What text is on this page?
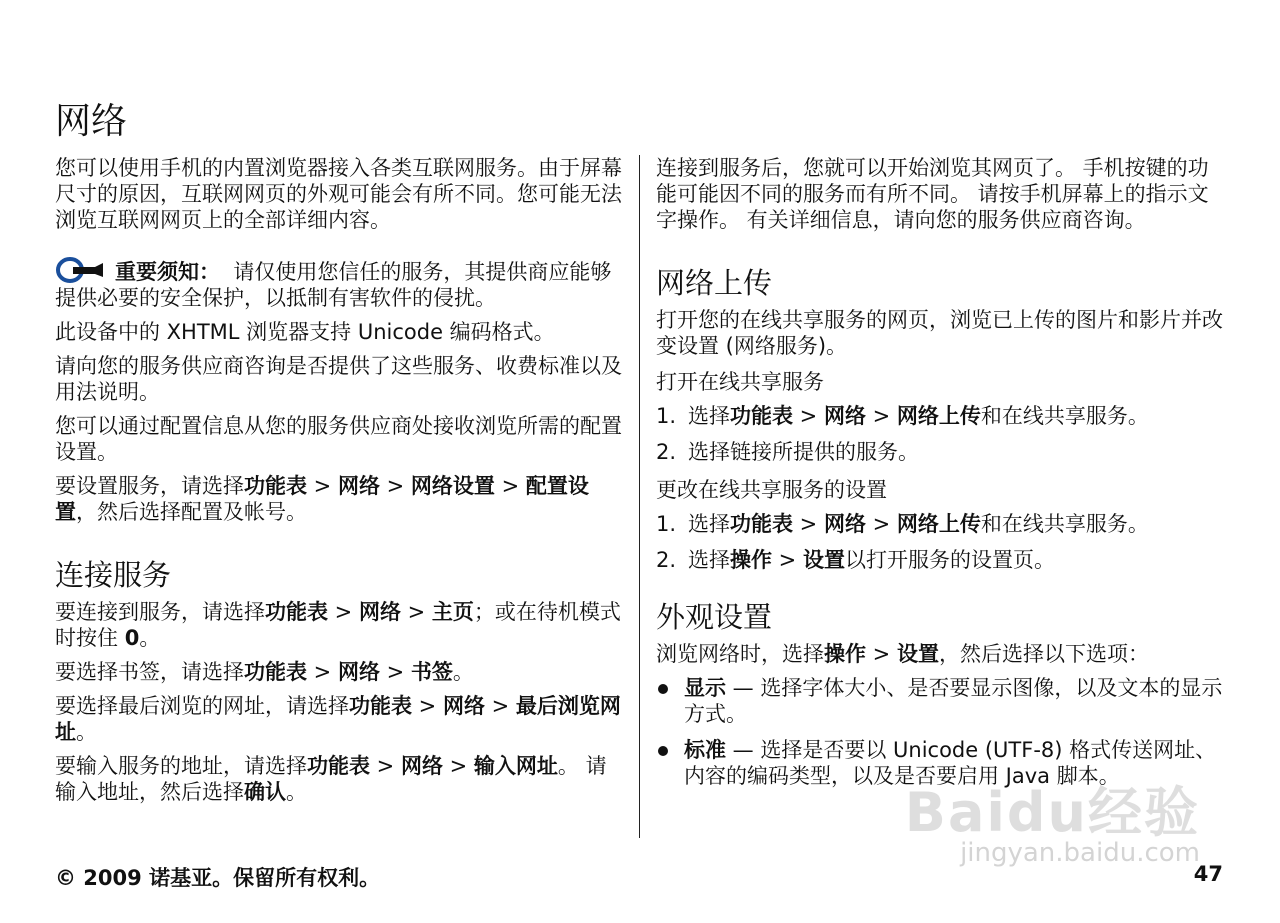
网络

您可以使用手机的内置浏览器接入各类互联网服务。由于屏幕尺寸的原因，互联网网页的外观可能会有所不同。您可能无法浏览互联网网页上的全部详细内容。

重要须知： 请仅使用您信任的服务，其提供商应能够提供必要的安全保护，以抵制有害软件的侵扰。

此设备中的 XHTML 浏览器支持 Unicode 编码格式。

请向您的服务供应商咨询是否提供了这些服务、收费标准以及用法说明。

您可以通过配置信息从您的服务供应商处接收浏览所需的配置设置。

要设置服务，请选择功能表 > 网络 > 网络设置 > 配置设置，然后选择配置及帐号。

连接服务

要连接到服务，请选择功能表 > 网络 > 主页；或在待机模式时按住 0。

要选择书签，请选择功能表 > 网络 > 书签。

要选择最后浏览的网址，请选择功能表 > 网络 > 最后浏览网址。

要输入服务的地址，请选择功能表 > 网络 > 输入网址。 请输入地址，然后选择确认。

连接到服务后，您就可以开始浏览其网页了。 手机按键的功能可能因不同的服务而有所不同。 请按手机屏幕上的指示文字操作。 有关详细信息，请向您的服务供应商咨询。

网络上传

打开您的在线共享服务的网页，浏览已上传的图片和影片并改变设置 (网络服务)。

打开在线共享服务
1. 选择功能表 > 网络 > 网络上传和在线共享服务。
2. 选择链接所提供的服务。
更改在线共享服务的设置
1. 选择功能表 > 网络 > 网络上传和在线共享服务。
2. 选择操作 > 设置以打开服务的设置页。
外观设置

浏览网络时，选择操作 > 设置，然后选择以下选项：

显示 — 选择字体大小、是否要显示图像，以及文本的显示方式。
标准 — 选择是否要以 Unicode (UTF-8) 格式传送网址、内容的编码类型，以及是否要启用 Java 脚本。
Baidu经验
jingyan.baidu.com
© 2009 诺基亚。保留所有权利。	47
